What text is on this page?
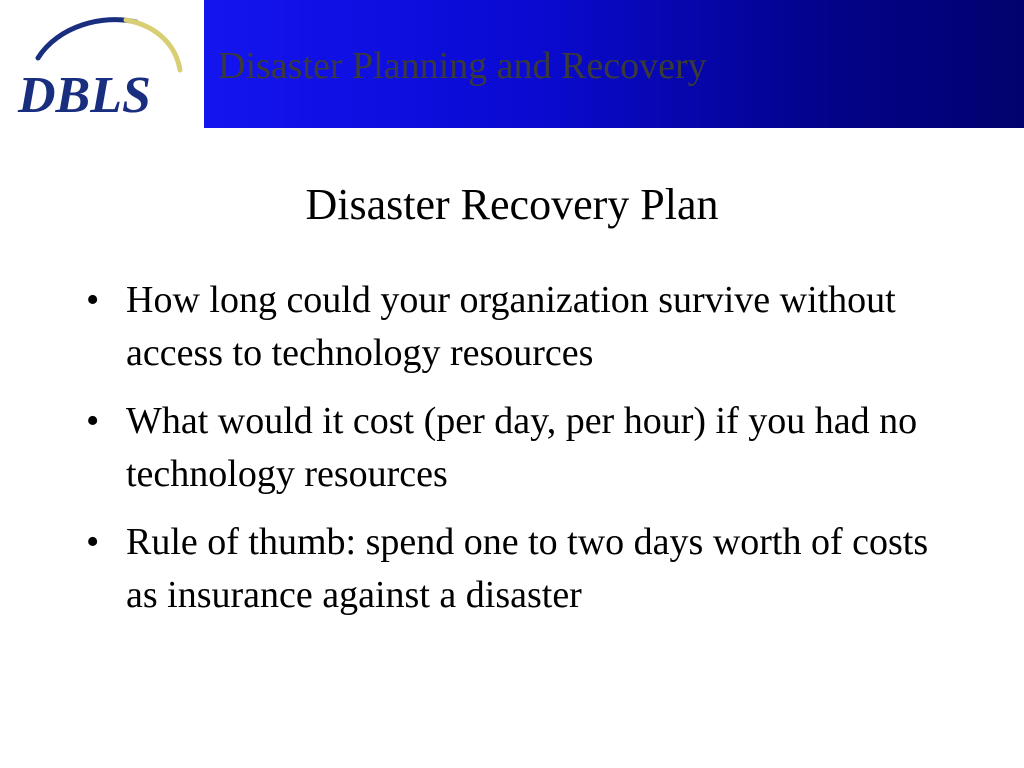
DBLS
Disaster Planning and Recovery
Disaster Recovery Plan
• How long could your organization survive without access to technology resources
• What would it cost (per day, per hour) if you had no technology resources
• Rule of thumb: spend one to two days worth of costs as insurance against a disaster
